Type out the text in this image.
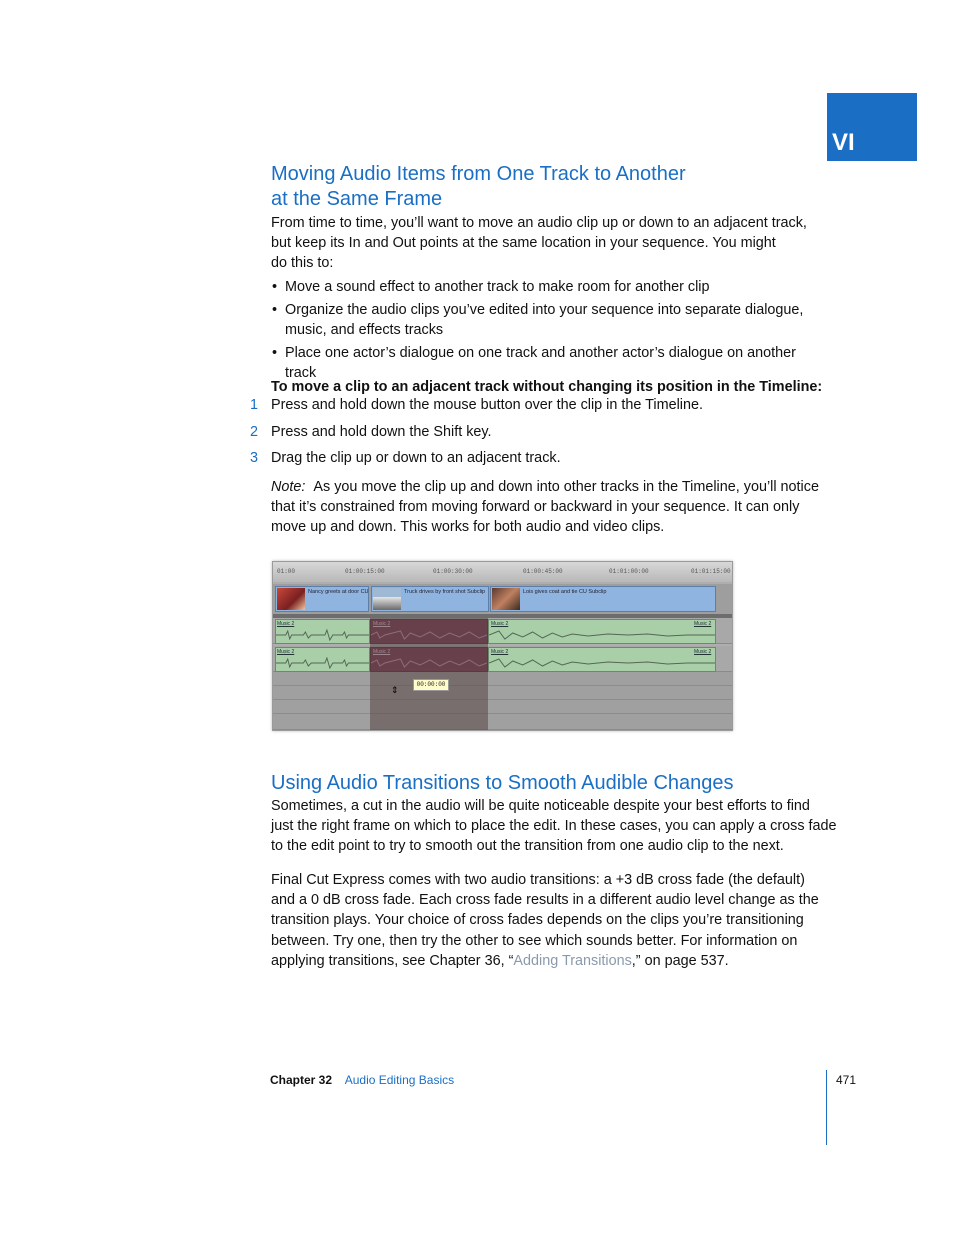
VI
Moving Audio Items from One Track to Another
at the Same Frame

From time to time, you’ll want to move an audio clip up or down to an adjacent track,
but keep its In and Out points at the same location in your sequence. You might
do this to:

• Move a sound effect to another track to make room for another clip
• Organize the audio clips you’ve edited into your sequence into separate dialogue, music, and effects tracks
• Place one actor’s dialogue on one track and another actor’s dialogue on another track
To move a clip to an adjacent track without changing its position in the Timeline:
1 Press and hold down the mouse button over the clip in the Timeline.
2 Press and hold down the Shift key.
3 Drag the clip up or down to an adjacent track.

Note: As you move the clip up and down into other tracks in the Timeline, you’ll notice
that it’s constrained from moving forward or backward in your sequence. It can only
move up and down. This works for both audio and video clips.

01:00	01:00:15:00	01:00:30:00	01:00:45:00	01:01:00:00	01:01:15:00
Nancy greets at door CU	Truck drives by front shot Subclip	Lois gives coat and tie CU Subclip
Music 2	Music 2	Music 2
Music 2	Music 2	Music 2
00:00:00
⇕
Using Audio Transitions to Smooth Audible Changes

Sometimes, a cut in the audio will be quite noticeable despite your best efforts to find
just the right frame on which to place the edit. In these cases, you can apply a cross fade
to the edit point to try to smooth out the transition from one audio clip to the next.

Final Cut Express comes with two audio transitions: a +3 dB cross fade (the default)
and a 0 dB cross fade. Each cross fade results in a different audio level change as the
transition plays. Your choice of cross fades depends on the clips you’re transitioning
between. Try one, then try the other to see which sounds better. For information on
applying transitions, see Chapter 36, “Adding Transitions,” on page 537.

Chapter 32 Audio Editing Basics	471
